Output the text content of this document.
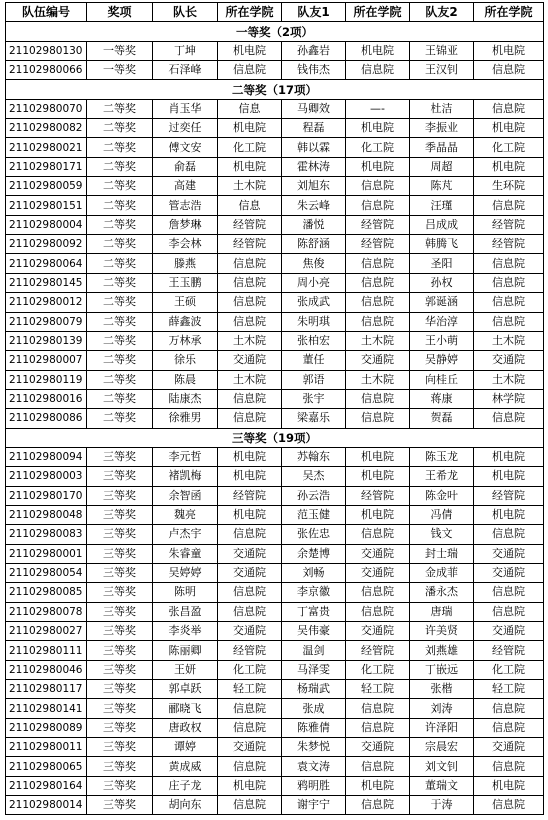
队伍编号	奖项	队长	所在学院	队友1	所在学院	队友2	所在学院
一等奖（2项）							
21102980130	一等奖	丁坤	机电院	孙鑫岩	机电院	王锦亚	机电院
21102980066	一等奖	石泽峰	信息院	钱伟杰	信息院	王汉钊	信息院
二等奖（17项）							
21102980070	二等奖	肖玉华	信息	马卿效	—-	杜洁	信息院
21102980082	二等奖	过奕任	机电院	程磊	机电院	李振业	机电院
21102980021	二等奖	傅文安	化工院	韩以霖	化工院	季晶晶	化工院
21102980171	二等奖	俞磊	机电院	霍林涛	机电院	周超	机电院
21102980059	二等奖	高建	土木院	刘旭东	信息院	陈芃	生环院
21102980151	二等奖	管志浩	信息	朱云峰	信息院	汪瑾	信息院
21102980004	二等奖	詹梦琳	经管院	潘悦	经管院	吕成成	经管院
21102980092	二等奖	李会林	经管院	陈舒涵	经管院	韩腾飞	经管院
21102980064	二等奖	滕燕	信息院	焦俊	信息院	圣阳	信息院
21102980145	二等奖	王玉鹏	信息院	周小亮	信息院	孙权	信息院
21102980012	二等奖	王硕	信息院	张成武	信息院	郭诞涵	信息院
21102980079	二等奖	薛鑫波	信息院	朱明琪	信息院	华治淳	信息院
21102980139	二等奖	万林承	土木院	张柏宏	土木院	王小萌	土木院
21102980007	二等奖	徐乐	交通院	董任	交通院	吴静婷	交通院
21102980119	二等奖	陈晨	土木院	郭语	土木院	向桂丘	土木院
21102980016	二等奖	陆康杰	信息院	张宇	信息院	蒋康	林学院
21102980086	二等奖	徐雅男	信息院	梁嘉乐	信息院	贺磊	信息院
三等奖（19项）							
21102980094	三等奖	李元哲	机电院	苏翰东	机电院	陈玉龙	机电院
21102980003	三等奖	褚凯梅	机电院	吴杰	机电院	王希龙	机电院
21102980170	三等奖	余智函	经管院	孙云浩	经管院	陈金叶	经管院
21102980048	三等奖	魏亮	机电院	范玉健	机电院	冯倩	机电院
21102980083	三等奖	卢杰宇	信息院	张佐忠	信息院	钱文	信息院
21102980001	三等奖	朱睿童	交通院	余楚博	交通院	封士瑞	交通院
21102980054	三等奖	吴婷婷	交通院	刘畅	交通院	金成菲	交通院
21102980085	三等奖	陈明	信息院	李京徽	信息院	潘永杰	信息院
21102980078	三等奖	张昌盈	信息院	丁富贵	信息院	唐瑞	信息院
21102980027	三等奖	李炎举	交通院	吴伟豪	交通院	许美贤	交通院
21102980111	三等奖	陈丽卿	经管院	温剑	经管院	刘燕雄	经管院
21102980046	三等奖	王妍	化工院	马泽雯	化工院	丁嵌远	化工院
21102980117	三等奖	郭卓跃	轻工院	杨瑞武	轻工院	张楷	轻工院
21102980141	三等奖	郦晓飞	信息院	张成	信息院	刘涛	信息院
21102980089	三等奖	唐政权	信息院	陈雅倩	信息院	许泽阳	信息院
21102980011	三等奖	谭婷	交通院	朱梦悦	交通院	宗晨宏	交通院
21102980065	三等奖	黄成威	信息院	袁文涛	信息院	刘文钊	信息院
21102980164	三等奖	庄子龙	机电院	鸦明胜	机电院	董瑞文	机电院
21102980014	三等奖	胡向东	信息院	谢宇宁	信息院	于涛	信息院
